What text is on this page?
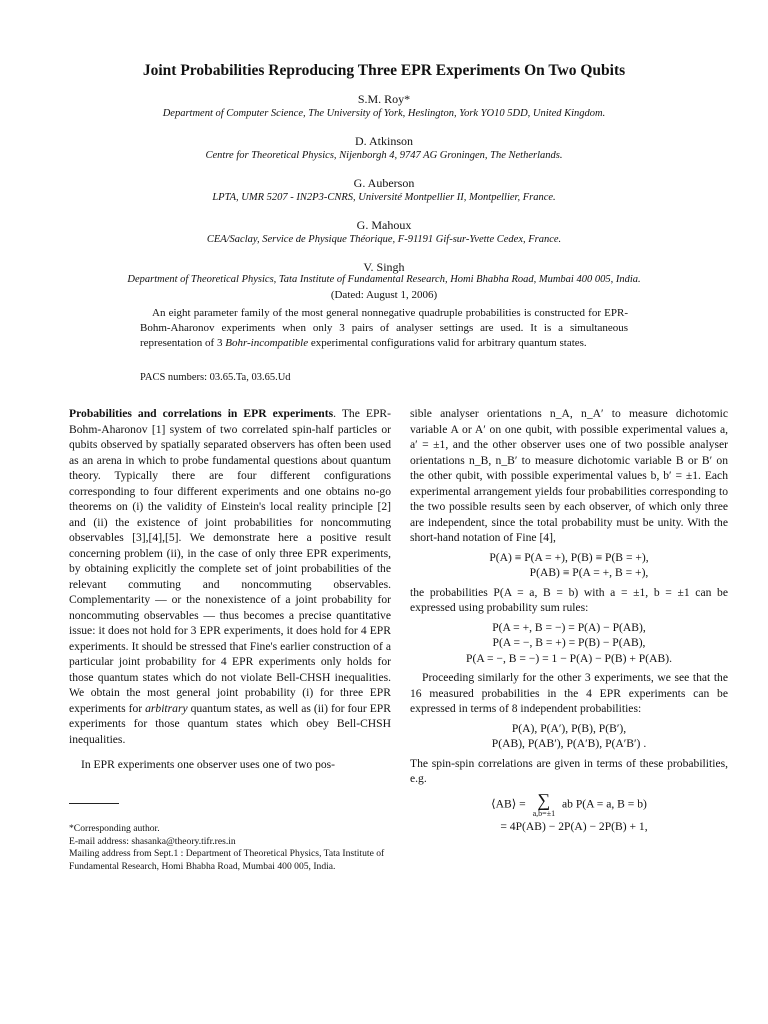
Joint Probabilities Reproducing Three EPR Experiments On Two Qubits
S.M. Roy*
Department of Computer Science, The University of York, Heslington, York YO10 5DD, United Kingdom.
D. Atkinson
Centre for Theoretical Physics, Nijenborgh 4, 9747 AG Groningen, The Netherlands.
G. Auberson
LPTA, UMR 5207 - IN2P3-CNRS, Université Montpellier II, Montpellier, France.
G. Mahoux
CEA/Saclay, Service de Physique Théorique, F-91191 Gif-sur-Yvette Cedex, France.
V. Singh
Department of Theoretical Physics, Tata Institute of Fundamental Research, Homi Bhabha Road, Mumbai 400 005, India.
(Dated: August 1, 2006)
An eight parameter family of the most general nonnegative quadruple probabilities is constructed for EPR-Bohm-Aharonov experiments when only 3 pairs of analyser settings are used. It is a simultaneous representation of 3 Bohr-incompatible experimental configurations valid for arbitrary quantum states.
PACS numbers: 03.65.Ta, 03.65.Ud

Probabilities and correlations in EPR experiments. The EPR-Bohm-Aharonov [1] system of two correlated spin-half particles or qubits observed by spatially separated observers has often been used as an arena in which to probe fundamental questions about quantum theory. Typically there are four different configurations corresponding to four different experiments and one obtains no-go theorems on (i) the validity of Einstein's local reality principle [2] and (ii) the existence of joint probabilities for noncommuting observables [3],[4],[5]. We demonstrate here a positive result concerning problem (ii), in the case of only three EPR experiments, by obtaining explicitly the complete set of joint probabilities of the relevant commuting and noncommuting observables. Complementarity — or the nonexistence of a joint probability for noncommuting observables — thus becomes a precise quantitative issue: it does not hold for 3 EPR experiments, it does hold for 4 EPR experiments. It should be stressed that Fine's earlier construction of a particular joint probability for 4 EPR experiments only holds for those quantum states which do not violate Bell-CHSH inequalities. We obtain the most general joint probability (i) for three EPR experiments for arbitrary quantum states, as well as (ii) for four EPR experiments for those quantum states which obey Bell-CHSH inequalities.

In EPR experiments one observer uses one of two pos-

*Corresponding author.
E-mail address: shasanka@theory.tifr.res.in
Mailing address from Sept.1 : Department of Theoretical Physics, Tata Institute of Fundamental Research, Homi Bhabha Road, Mumbai 400 005, India.

sible analyser orientations n_A, n_A′ to measure dichotomic variable A or A′ on one qubit, with possible experimental values a, a′ = ±1, and the other observer uses one of two possible analyser orientations n_B, n_B′ to measure dichotomic variable B or B′ on the other qubit, with possible experimental values b, b′ = ±1. Each experimental arrangement yields four probabilities corresponding to the two possible results seen by each observer, of which only three are independent, since the total probability must be unity. With the short-hand notation of Fine [4],

P(A) ≡ P(A = +), P(B) ≡ P(B = +),
P(AB) ≡ P(A = +, B = +),

the probabilities P(A = a, B = b) with a = ±1, b = ±1 can be expressed using probability sum rules:

P(A = +, B = −) = P(A) − P(AB),
P(A = −, B = +) = P(B) − P(AB),
P(A = −, B = −) = 1 − P(A) − P(B) + P(AB).

Proceeding similarly for the other 3 experiments, we see that the 16 measured probabilities in the 4 EPR experiments can be expressed in terms of 8 independent probabilities:

P(A), P(A′), P(B), P(B′),
P(AB), P(AB′), P(A′B), P(A′B′) .

The spin-spin correlations are given in terms of these probabilities, e.g.

⟨AB⟩ = ∑
a,b=±1
ab P(A = a, B = b)
= 4P(AB) − 2P(A) − 2P(B) + 1,
